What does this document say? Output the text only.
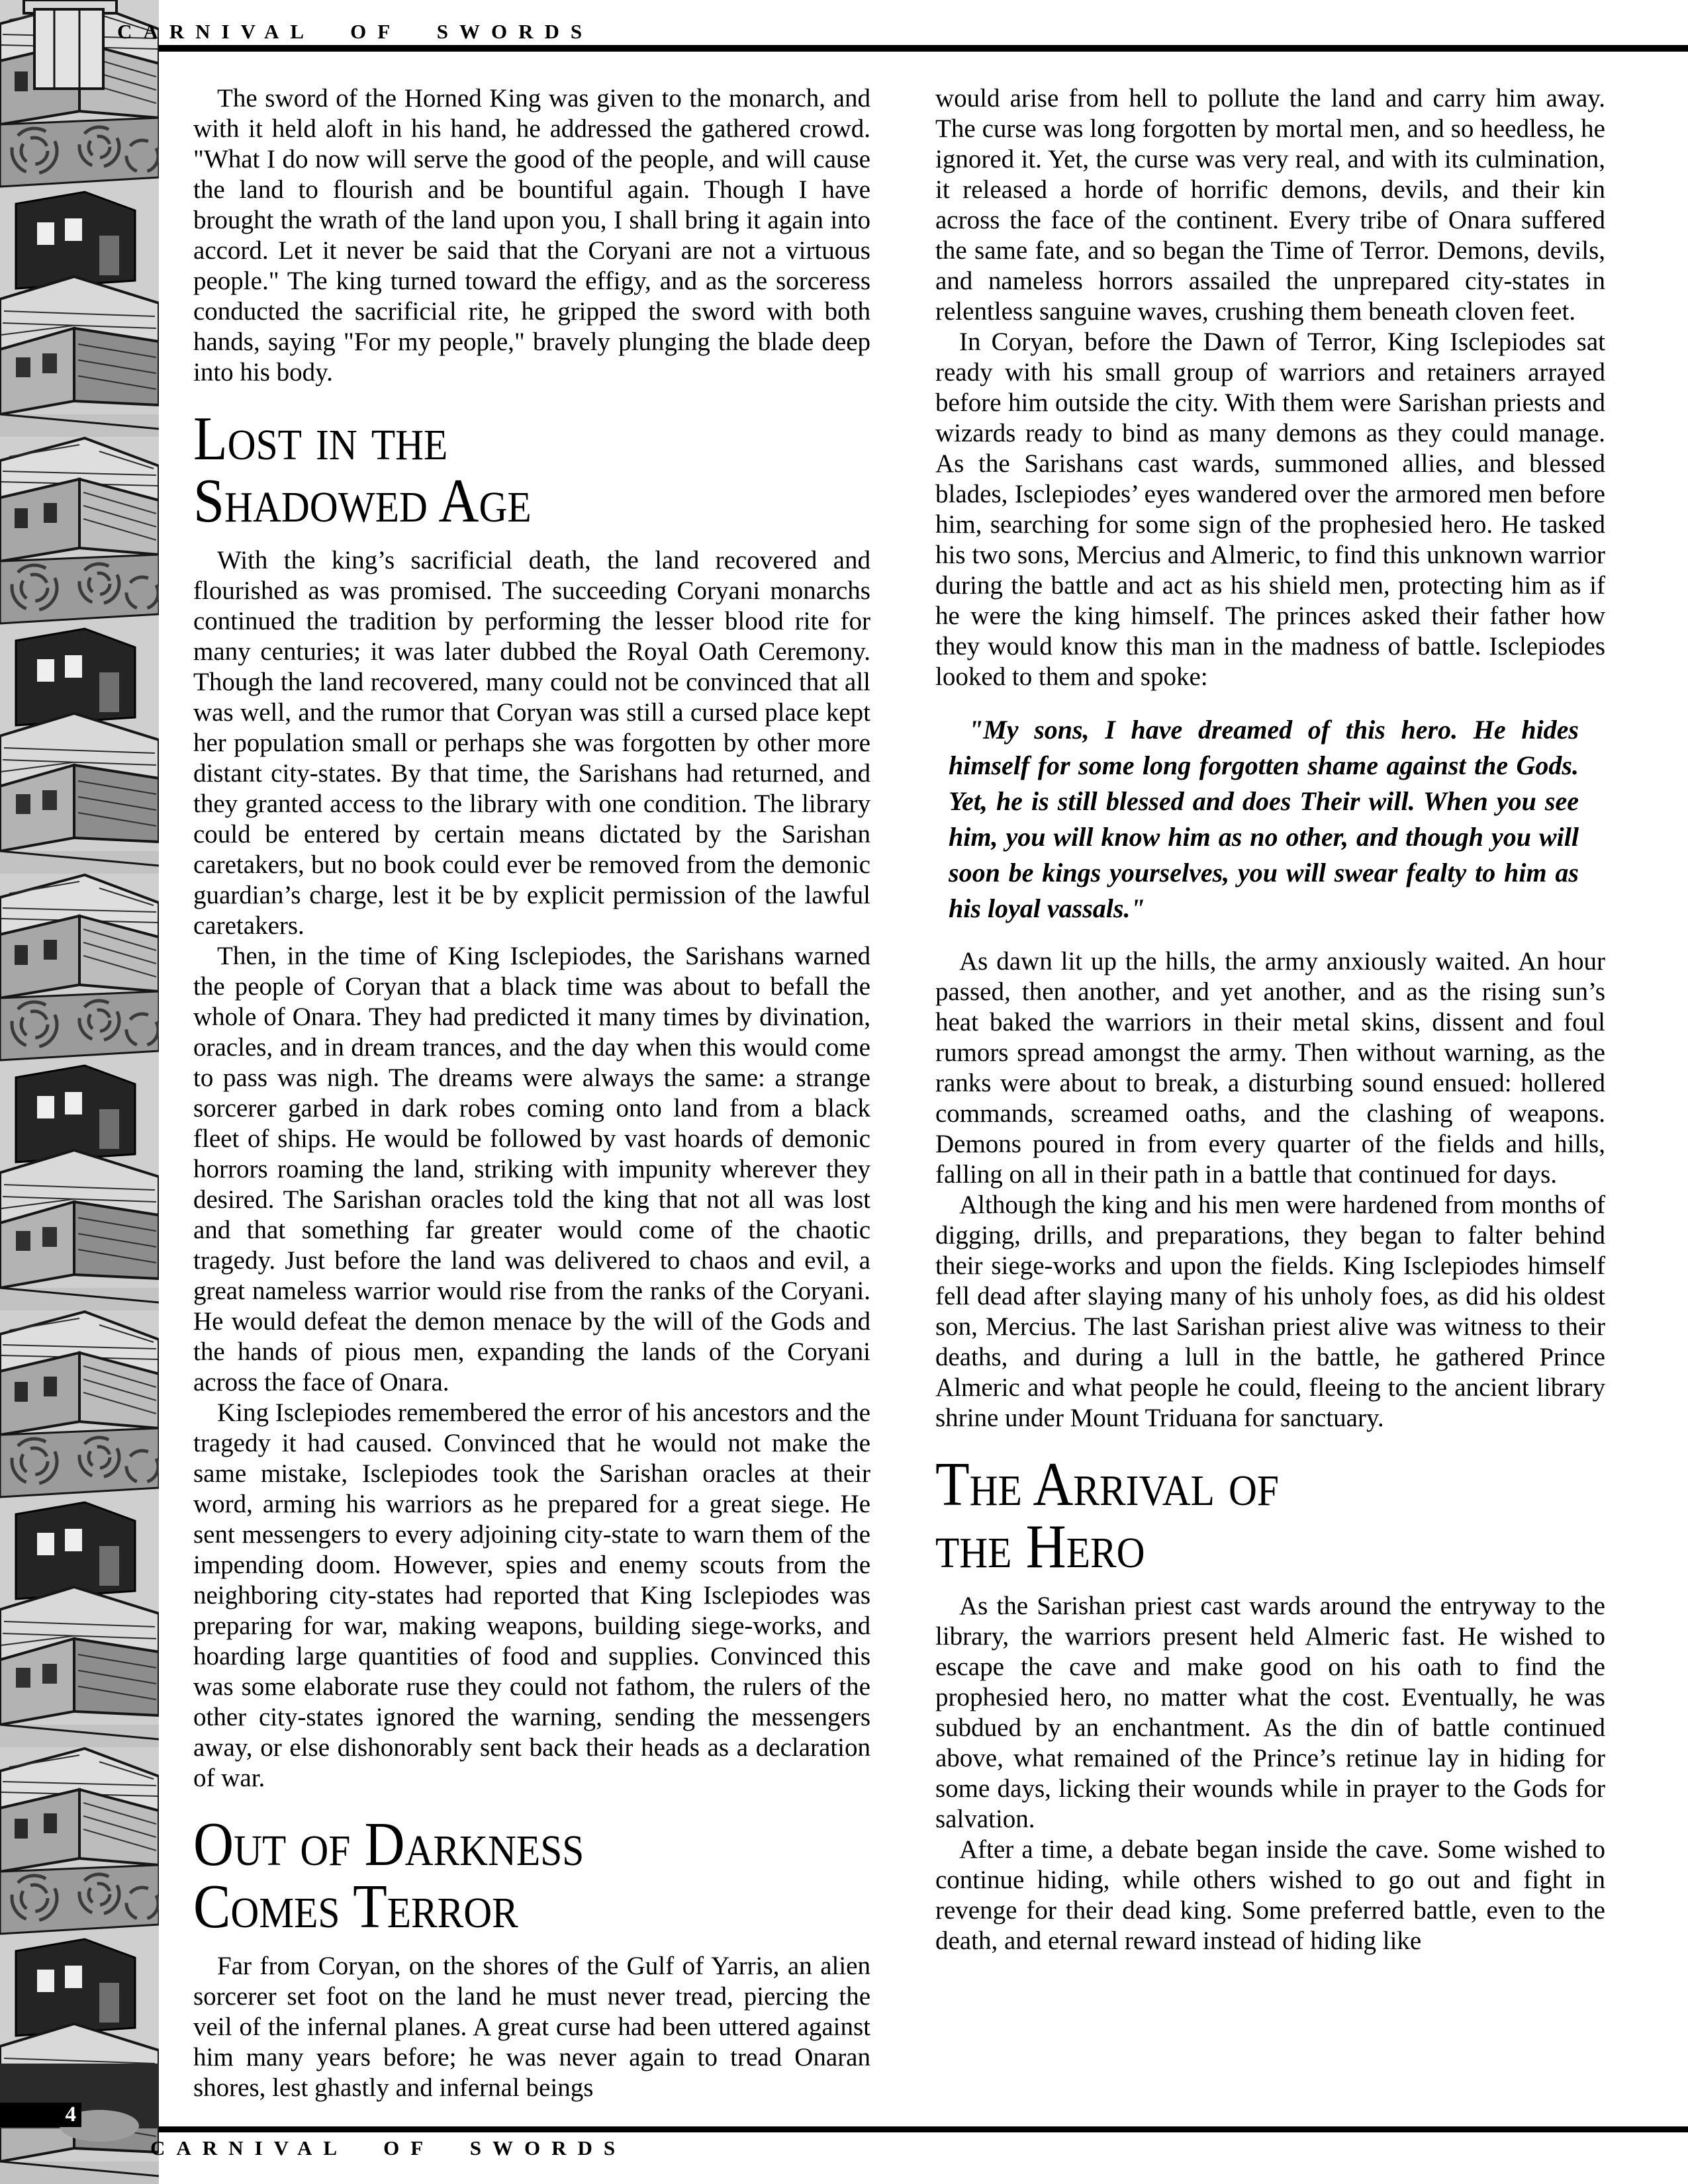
CARNIVAL OF SWORDS

The sword of the Horned King was given to the monarch, and with it held aloft in his hand, he addressed the gathered crowd. "What I do now will serve the good of the people, and will cause the land to flourish and be bountiful again. Though I have brought the wrath of the land upon you, I shall bring it again into accord. Let it never be said that the Coryani are not a virtuous people." The king turned toward the effigy, and as the sorceress conducted the sacrificial rite, he gripped the sword with both hands, saying "For my people," bravely plunging the blade deep into his body.

Lost in the
Shadowed Age

With the king’s sacrificial death, the land recovered and flourished as was promised. The succeeding Coryani monarchs continued the tradition by performing the lesser blood rite for many centuries; it was later dubbed the Royal Oath Ceremony. Though the land recovered, many could not be convinced that all was well, and the rumor that Coryan was still a cursed place kept her population small or perhaps she was forgotten by other more distant city-states. By that time, the Sarishans had returned, and they granted access to the library with one condition. The library could be entered by certain means dictated by the Sarishan caretakers, but no book could ever be removed from the demonic guardian’s charge, lest it be by explicit permission of the lawful caretakers.

Then, in the time of King Isclepiodes, the Sarishans warned the people of Coryan that a black time was about to befall the whole of Onara. They had predicted it many times by divination, oracles, and in dream trances, and the day when this would come to pass was nigh. The dreams were always the same: a strange sorcerer garbed in dark robes coming onto land from a black fleet of ships. He would be followed by vast hoards of demonic horrors roaming the land, striking with impunity wherever they desired. The Sarishan oracles told the king that not all was lost and that something far greater would come of the chaotic tragedy. Just before the land was delivered to chaos and evil, a great nameless warrior would rise from the ranks of the Coryani. He would defeat the demon menace by the will of the Gods and the hands of pious men, expanding the lands of the Coryani across the face of Onara.

King Isclepiodes remembered the error of his ancestors and the tragedy it had caused. Convinced that he would not make the same mistake, Isclepiodes took the Sarishan oracles at their word, arming his warriors as he prepared for a great siege. He sent messengers to every adjoining city-state to warn them of the impending doom. However, spies and enemy scouts from the neighboring city-states had reported that King Isclepiodes was preparing for war, making weapons, building siege-works, and hoarding large quantities of food and supplies. Convinced this was some elaborate ruse they could not fathom, the rulers of the other city-states ignored the warning, sending the messengers away, or else dishonorably sent back their heads as a declaration of war.

Out of Darkness
Comes Terror

Far from Coryan, on the shores of the Gulf of Yarris, an alien sorcerer set foot on the land he must never tread, piercing the veil of the infernal planes. A great curse had been uttered against him many years before; he was never again to tread Onaran shores, lest ghastly and infernal beings

would arise from hell to pollute the land and carry him away. The curse was long forgotten by mortal men, and so heedless, he ignored it. Yet, the curse was very real, and with its culmination, it released a horde of horrific demons, devils, and their kin across the face of the continent. Every tribe of Onara suffered the same fate, and so began the Time of Terror. Demons, devils, and nameless horrors assailed the unprepared city-states in relentless sanguine waves, crushing them beneath cloven feet.

In Coryan, before the Dawn of Terror, King Isclepiodes sat ready with his small group of warriors and retainers arrayed before him outside the city. With them were Sarishan priests and wizards ready to bind as many demons as they could manage. As the Sarishans cast wards, summoned allies, and blessed blades, Isclepiodes’ eyes wandered over the armored men before him, searching for some sign of the prophesied hero. He tasked his two sons, Mercius and Almeric, to find this unknown warrior during the battle and act as his shield men, protecting him as if he were the king himself. The princes asked their father how they would know this man in the madness of battle. Isclepiodes looked to them and spoke:

"My sons, I have dreamed of this hero. He hides himself for some long forgotten shame against the Gods. Yet, he is still blessed and does Their will. When you see him, you will know him as no other, and though you will soon be kings yourselves, you will swear fealty to him as his loyal vassals."

As dawn lit up the hills, the army anxiously waited. An hour passed, then another, and yet another, and as the rising sun’s heat baked the warriors in their metal skins, dissent and foul rumors spread amongst the army. Then without warning, as the ranks were about to break, a disturbing sound ensued: hollered commands, screamed oaths, and the clashing of weapons. Demons poured in from every quarter of the fields and hills, falling on all in their path in a battle that continued for days.

Although the king and his men were hardened from months of digging, drills, and preparations, they began to falter behind their siege-works and upon the fields. King Isclepiodes himself fell dead after slaying many of his unholy foes, as did his oldest son, Mercius. The last Sarishan priest alive was witness to their deaths, and during a lull in the battle, he gathered Prince Almeric and what people he could, fleeing to the ancient library shrine under Mount Triduana for sanctuary.

The Arrival of
the Hero

As the Sarishan priest cast wards around the entryway to the library, the warriors present held Almeric fast. He wished to escape the cave and make good on his oath to find the prophesied hero, no matter what the cost. Eventually, he was subdued by an enchantment. As the din of battle continued above, what remained of the Prince’s retinue lay in hiding for some days, licking their wounds while in prayer to the Gods for salvation.

After a time, a debate began inside the cave. Some wished to continue hiding, while others wished to go out and fight in revenge for their dead king. Some preferred battle, even to the death, and eternal reward instead of hiding like

4
CARNIVAL OF SWORDS
